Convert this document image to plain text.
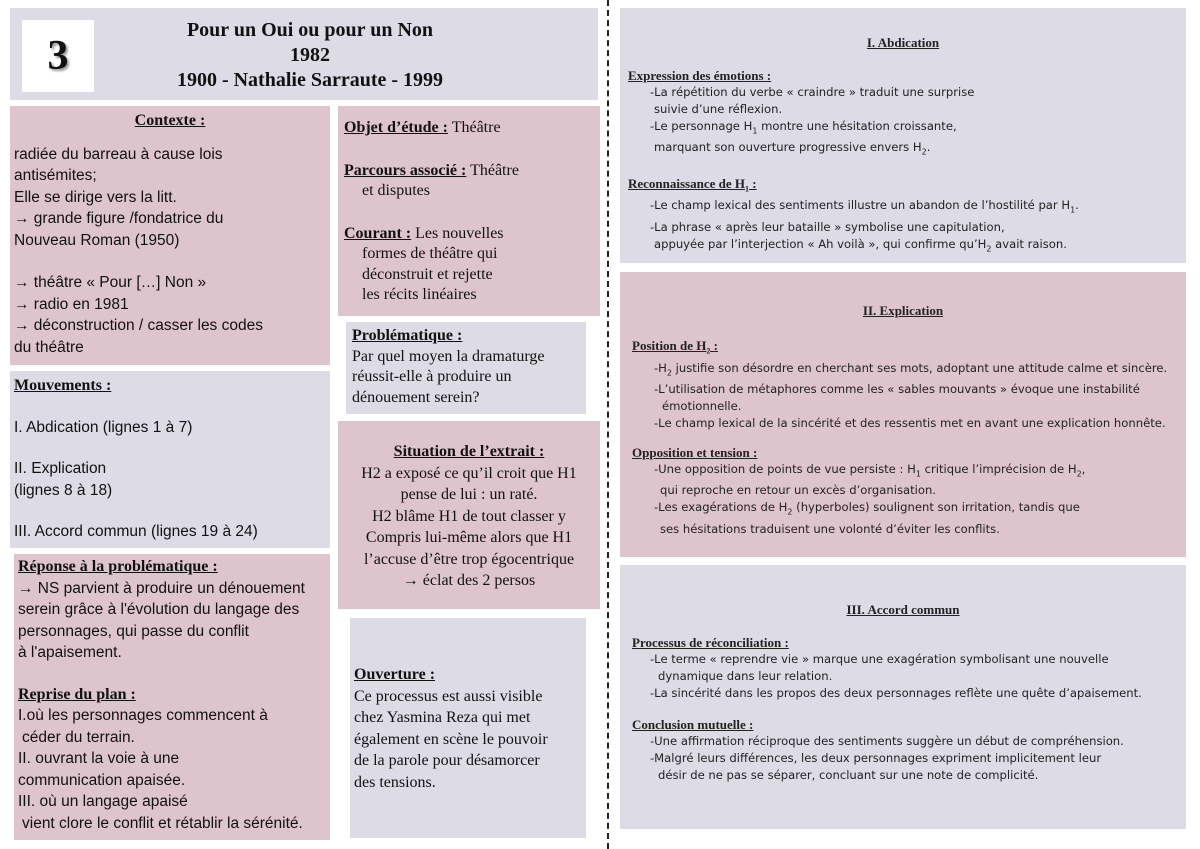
3
Pour un Oui ou pour un Non
1982
1900 - Nathalie Sarraute - 1999
Contexte :
radiée du barreau à cause lois
antisémites;
Elle se dirige vers la litt.
→ grande figure /fondatrice du
Nouveau Roman (1950)
→ théâtre « Pour […] Non »
→ radio en 1981
→ déconstruction / casser les codes
du théâtre
Objet d’étude : Théâtre
Parcours associé : Théâtre
et disputes
Courant : Les nouvelles
formes de théâtre qui
déconstruit et rejette
les récits linéaires
Problématique :
Par quel moyen la dramaturge
réussit-elle à produire un
dénouement serein?
Mouvements :
I. Abdication (lignes 1 à 7)
II. Explication
(lignes 8 à 18)
III. Accord commun (lignes 19 à 24)
Situation de l’extrait :
H2 a exposé ce qu’il croit que H1
pense de lui : un raté.
H2 blâme H1 de tout classer y
Compris lui-même alors que H1
l’accuse d’être trop égocentrique
→ éclat des 2 persos
Réponse à la problématique :
→ NS parvient à produire un dénouement
serein grâce à l'évolution du langage des
personnages, qui passe du conflit
à l'apaisement.
Reprise du plan :
I.où les personnages commencent à
céder du terrain.
II. ouvrant la voie à une
communication apaisée.
III. où un langage apaisé
vient clore le conflit et rétablir la sérénité.
Ouverture :
Ce processus est aussi visible
chez Yasmina Reza qui met
également en scène le pouvoir
de la parole pour désamorcer
des tensions.
I. Abdication
Expression des émotions :
-La répétition du verbe « craindre » traduit une surprise
suivie d’une réflexion.
-Le personnage $H_1$ montre une hésitation croissante,
marquant son ouverture progressive envers $H_2$.
Reconnaissance de $H_1$ :
-Le champ lexical des sentiments illustre un abandon de l’hostilité par $H_1$.
-La phrase « après leur bataille » symbolise une capitulation,
appuyée par l’interjection « Ah voilà », qui confirme $qu’H_2$ avait raison.
II. Explication
Position de $H_2$ :
$-H_2$ justifie son désordre en cherchant ses mots, adoptant une attitude calme et sincère.
-L’utilisation de métaphores comme les « sables mouvants » évoque une instabilité
émotionnelle.
-Le champ lexical de la sincérité et des ressentis met en avant une explication honnête.
Opposition et tension :
-Une opposition de points de vue persiste : $H_1$ critique l’imprécision de $H_2$,
qui reproche en retour un excès d’organisation.
-Les exagérations de $H_2$ (hyperboles) soulignent son irritation, tandis que
ses hésitations traduisent une volonté d’éviter les conflits.
III. Accord commun
Processus de réconciliation :
-Le terme « reprendre vie » marque une exagération symbolisant une nouvelle
dynamique dans leur relation.
-La sincérité dans les propos des deux personnages reflète une quête d’apaisement.
Conclusion mutuelle :
-Une affirmation réciproque des sentiments suggère un début de compréhension.
-Malgré leurs différences, les deux personnages expriment implicitement leur
désir de ne pas se séparer, concluant sur une note de complicité.
